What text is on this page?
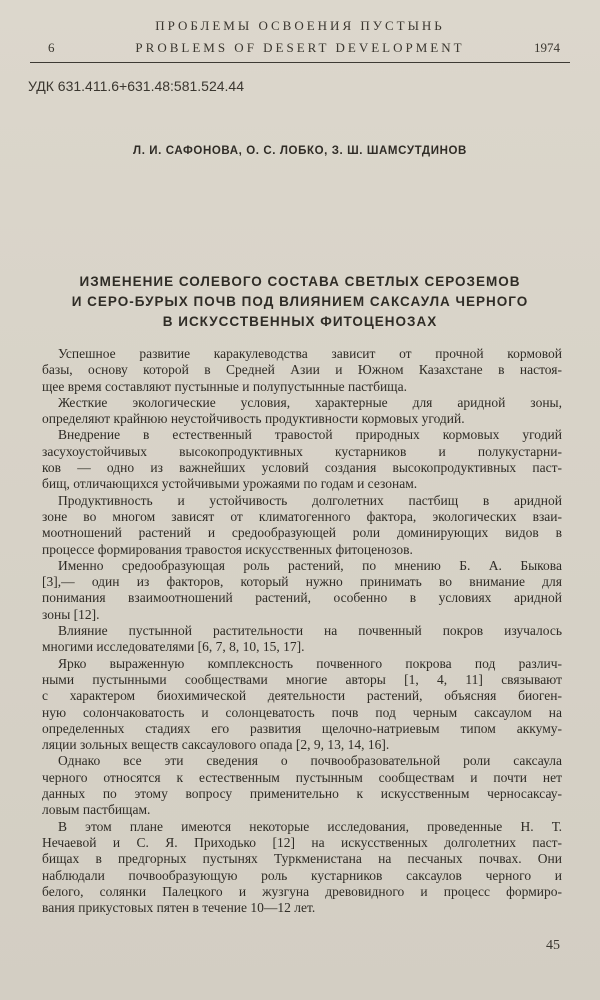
ПРОБЛЕМЫ ОСВОЕНИЯ ПУСТЫНЬ
6	PROBLEMS OF DESERT DEVELOPMENT	1974
УДК 631.411.6+631.48:581.524.44
Л. И. САФОНОВА, О. С. ЛОБКО, З. Ш. ШАМСУТДИНОВ
ИЗМЕНЕНИЕ СОЛЕВОГО СОСТАВА СВЕТЛЫХ СЕРОЗЕМОВ
И СЕРО-БУРЫХ ПОЧВ ПОД ВЛИЯНИЕМ САКСАУЛА ЧЕРНОГО
В ИСКУССТВЕННЫХ ФИТОЦЕНОЗАХ
Успешное развитие каракулеводства зависит от прочной кормовой
базы, основу которой в Средней Азии и Южном Казахстане в настоя-
щее время составляют пустынные и полупустынные пастбища.
Жесткие экологические условия, характерные для аридной зоны,
определяют крайнюю неустойчивость продуктивности кормовых угодий.
Внедрение в естественный травостой природных кормовых угодий
засухоустойчивых высокопродуктивных кустарников и полукустарни-
ков — одно из важнейших условий создания высокопродуктивных паст-
бищ, отличающихся устойчивыми урожаями по годам и сезонам.
Продуктивность и устойчивость долголетних пастбищ в аридной
зоне во многом зависят от климатогенного фактора, экологических взаи-
моотношений растений и средообразующей роли доминирующих видов в
процессе формирования травостоя искусственных фитоценозов.
Именно средообразующая роль растений, по мнению Б. А. Быкова
[3],— один из факторов, который нужно принимать во внимание для
понимания взаимоотношений растений, особенно в условиях аридной
зоны [12].
Влияние пустынной растительности на почвенный покров изучалось
многими исследователями [6, 7, 8, 10, 15, 17].
Ярко выраженную комплексность почвенного покрова под различ-
ными пустынными сообществами многие авторы [1, 4, 11] связывают
с характером биохимической деятельности растений, объясняя биоген-
ную солончаковатость и солонцеватость почв под черным саксаулом на
определенных стадиях его развития щелочно-натриевым типом аккуму-
ляции зольных веществ саксаулового опада [2, 9, 13, 14, 16].
Однако все эти сведения о почвообразовательной роли саксаула
черного относятся к естественным пустынным сообществам и почти нет
данных по этому вопросу применительно к искусственным черносаксау-
ловым пастбищам.
В этом плане имеются некоторые исследования, проведенные Н. Т.
Нечаевой и С. Я. Приходько [12] на искусственных долголетних паст-
бищах в предгорных пустынях Туркменистана на песчаных почвах. Они
наблюдали почвообразующую роль кустарников саксаулов черного и
белого, солянки Палецкого и жузгуна древовидного и процесс формиро-
вания прикустовых пятен в течение 10—12 лет.
45
